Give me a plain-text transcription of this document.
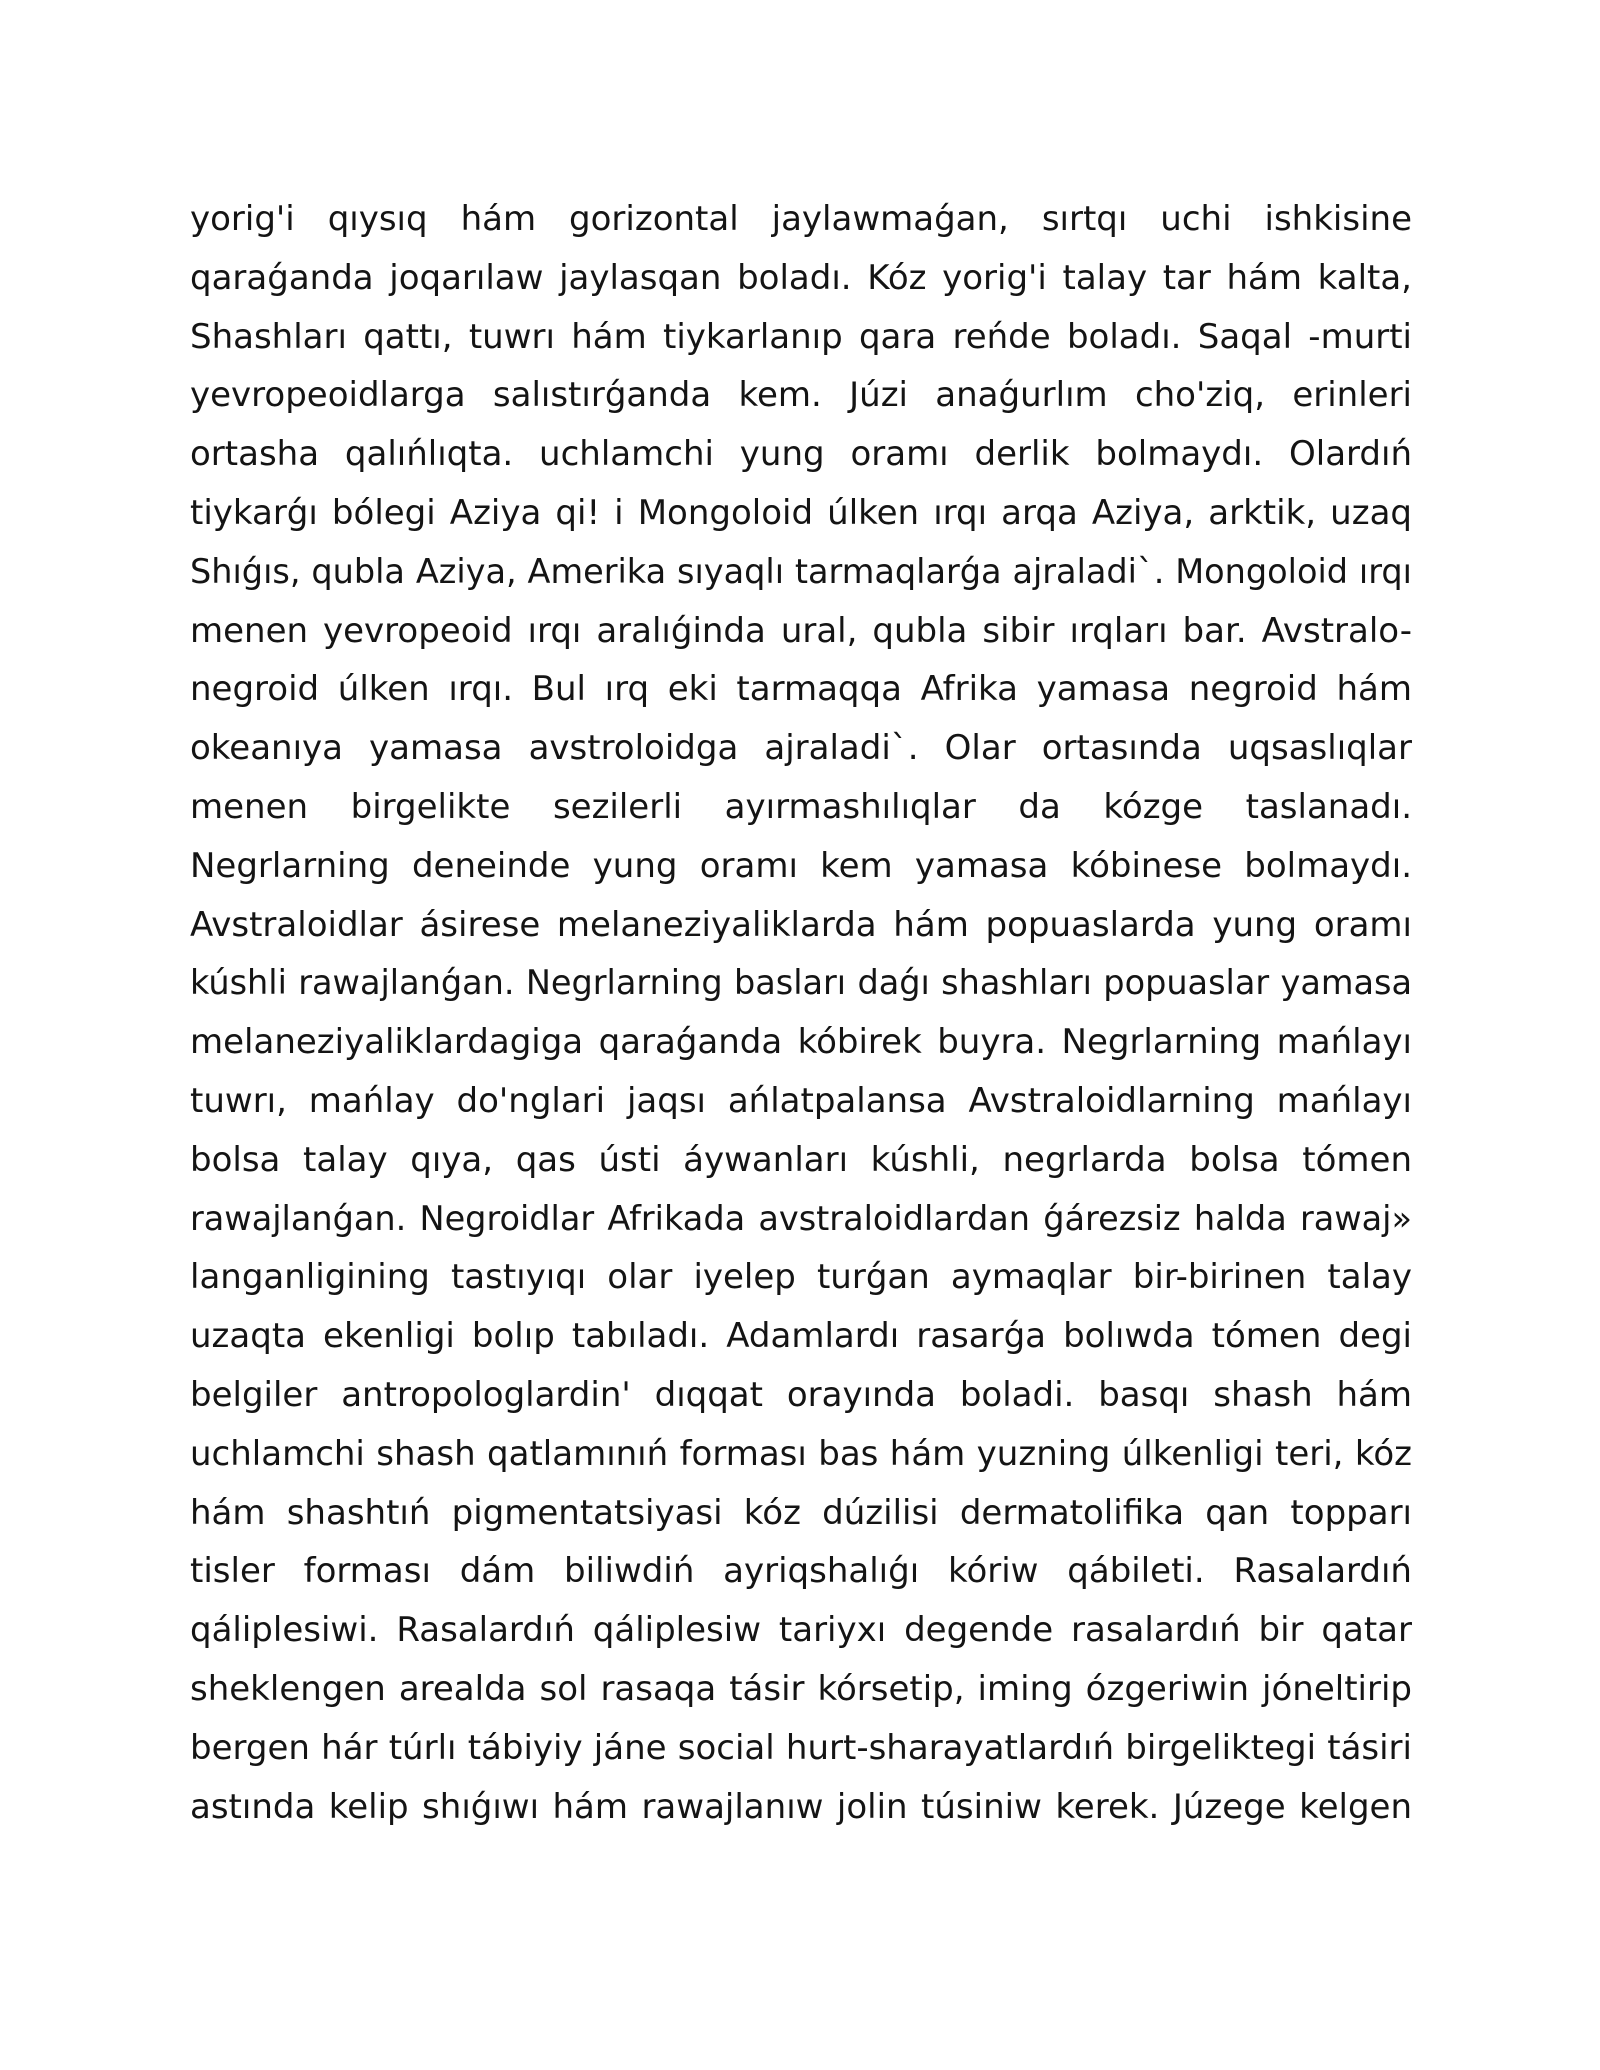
yorig'i qıysıq hám gorizontal jaylawmaǵan, sırtqı uchi ishkisine
qaraǵanda joqarılaw jaylasqan boladı. Kóz yorig'i talay tar hám kalta,
Shashları qattı, tuwrı hám tiykarlanıp qara reńde boladı. Saqal -murti
yevropeoidlarga salıstırǵanda kem. Júzi anaǵurlım cho'ziq, erinleri
ortasha qalıńlıqta. uchlamchi yung oramı derlik bolmaydı. Olardıń
tiykarǵı bólegi Aziya qi! i Mongoloid úlken ırqı arqa Aziya, arktik, uzaq
Shıǵıs, qubla Aziya, Amerika sıyaqlı tarmaqlarǵa ajraladi`. Mongoloid ırqı
menen yevropeoid ırqı aralıǵinda ural, qubla sibir ırqları bar. Avstralo-
negroid úlken ırqı. Bul ırq eki tarmaqqa Afrika yamasa negroid hám
okeanıya yamasa avstroloidga ajraladi`. Olar ortasında uqsaslıqlar
menen birgelikte sezilerli ayırmashılıqlar da kózge taslanadı.
Negrlarning deneinde yung oramı kem yamasa kóbinese bolmaydı.
Avstraloidlar ásirese melaneziyaliklarda hám popuaslarda yung oramı
kúshli rawajlanǵan. Negrlarning basları daǵı shashları popuaslar yamasa
melaneziyaliklardagiga qaraǵanda kóbirek buyra. Negrlarning mańlayı
tuwrı, mańlay do'nglari jaqsı ańlatpalansa Avstraloidlarning mańlayı
bolsa talay qıya, qas ústi áywanları kúshli, negrlarda bolsa tómen
rawajlanǵan. Negroidlar Afrikada avstraloidlardan ǵárezsiz halda rawaj»
langanligining tastıyıqı olar iyelep turǵan aymaqlar bir-birinen talay
uzaqta ekenligi bolıp tabıladı. Adamlardı rasarǵa bolıwda tómen degi
belgiler antropologlardin' dıqqat orayında boladi. basqı shash hám
uchlamchi shash qatlamınıń forması bas hám yuzning úlkenligi teri, kóz
hám shashtıń pigmentatsiyasi kóz dúzilisi dermatolifika qan topparı
tisler forması dám biliwdiń ayriqshalıǵı kóriw qábileti. Rasalardıń
qáliplesiwi. Rasalardıń qáliplesiw tariyxı degende rasalardıń bir qatar
sheklengen arealda sol rasaqa tásir kórsetip, iming ózgeriwin jóneltirip
bergen hár túrlı tábiyiy jáne social hurt-sharayatlardıń birgeliktegi tásiri
astında kelip shıǵıwı hám rawajlanıw jolin túsiniw kerek. Júzege kelgen
